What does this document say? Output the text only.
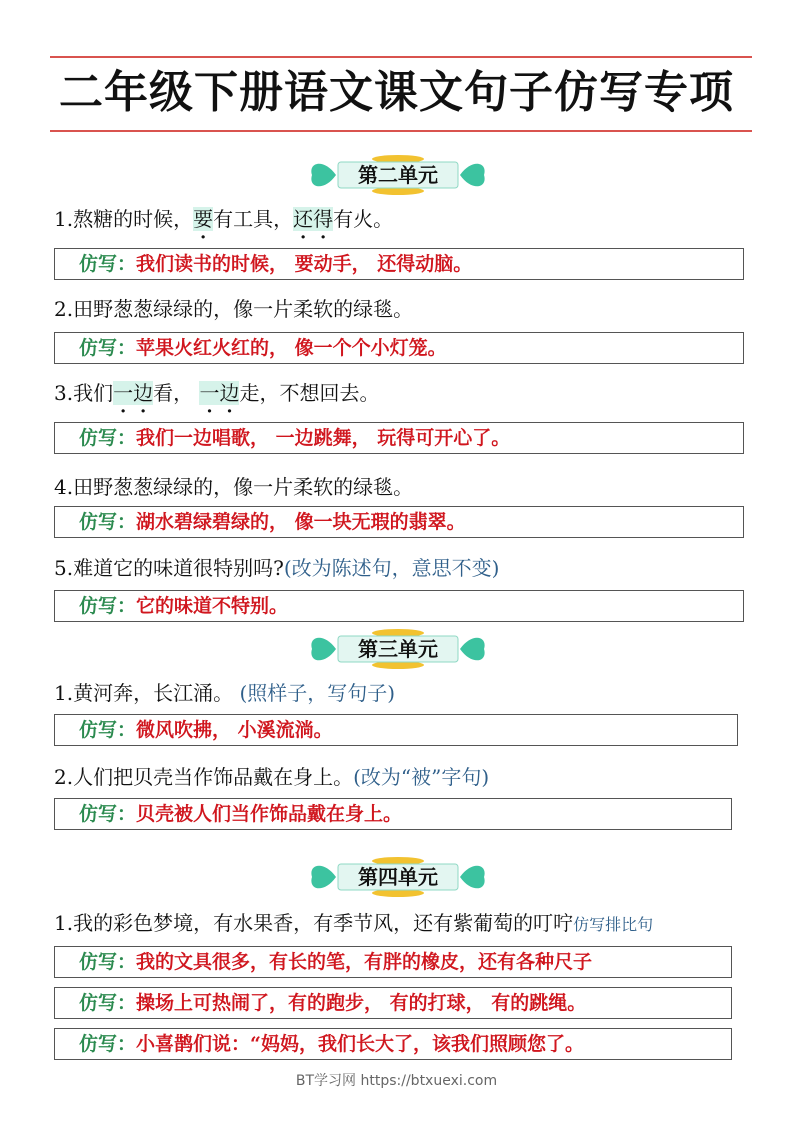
二年级下册语文课文句子仿写专项
第二单元
1.熬糖的时候，要有工具，还得有火。
仿写：我们读书的时候， 要动手， 还得动脑。
2.田野葱葱绿绿的，像一片柔软的绿毯。
仿写：苹果火红火红的， 像一个个小灯笼。
3.我们一边看， 一边走，不想回去。
仿写：我们一边唱歌， 一边跳舞， 玩得可开心了。
4.田野葱葱绿绿的，像一片柔软的绿毯。
仿写：湖水碧绿碧绿的， 像一块无瑕的翡翠。
5.难道它的味道很特别吗?(改为陈述句，意思不变)
仿写：它的味道不特别。
第三单元
1.黄河奔，长江涌。 (照样子，写句子)
仿写：微风吹拂， 小溪流淌。
2.人们把贝壳当作饰品戴在身上。(改为“被”字句)
仿写：贝壳被人们当作饰品戴在身上。
第四单元
1.我的彩色梦境，有水果香，有季节风，还有紫葡萄的叮咛仿写排比句
仿写：我的文具很多，有长的笔，有胖的橡皮，还有各种尺子
仿写：操场上可热闹了，有的跑步， 有的打球， 有的跳绳。
仿写：小喜鹊们说：“妈妈，我们长大了，该我们照顾您了。
BT学习网 https://btxuexi.com
